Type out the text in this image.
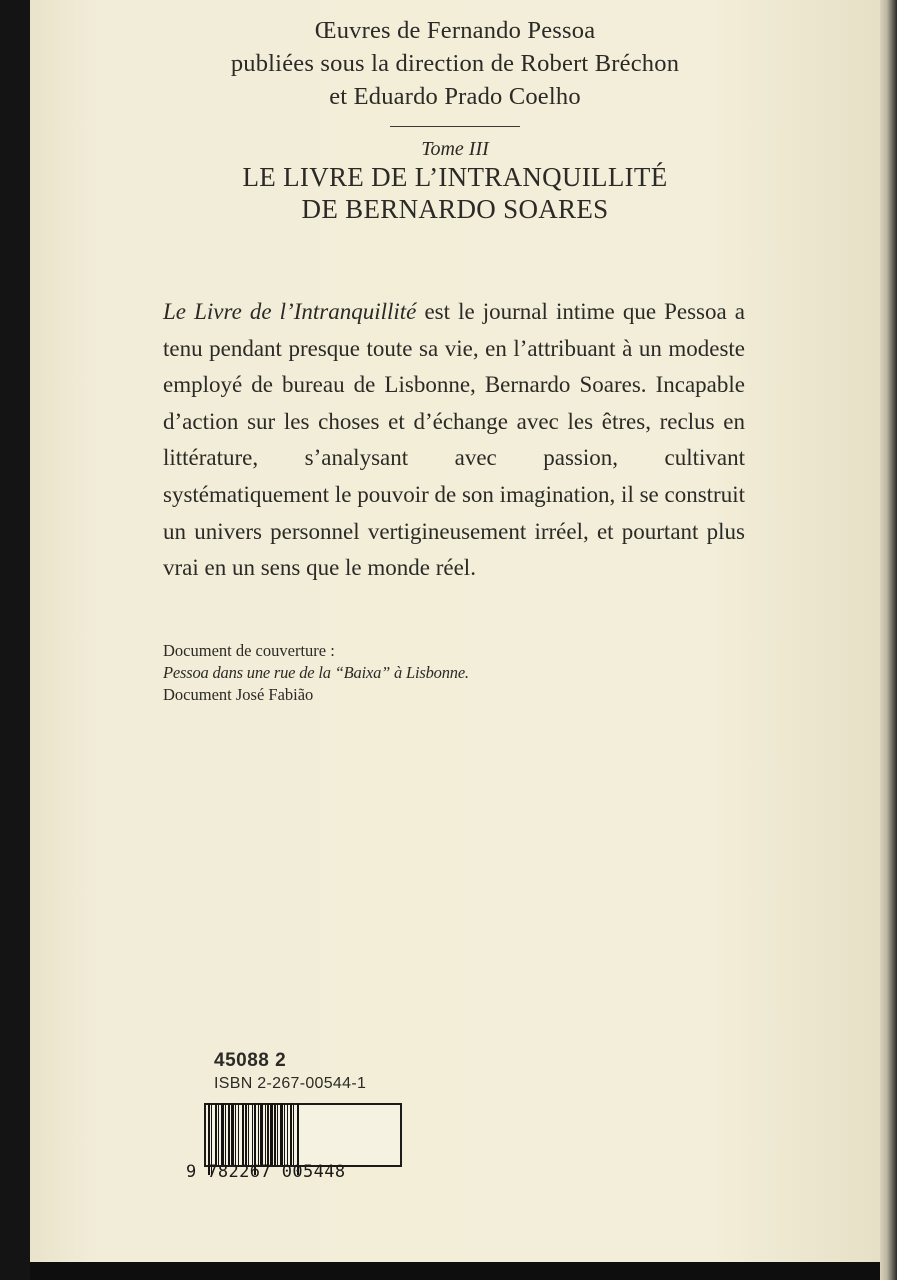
Œuvres de Fernando Pessoa

publiées sous la direction de Robert Bréchon

et Eduardo Prado Coelho

Tome III

LE LIVRE DE L’INTRANQUILLITÉ

DE BERNARDO SOARES

Le Livre de l’Intranquillité est le journal intime que Pessoa a tenu pendant presque toute sa vie, en l’attribuant à un modeste employé de bureau de Lisbonne, Bernardo Soares. Incapable d’action sur les choses et d’échange avec les êtres, reclus en littérature, s’analysant avec passion, cultivant systématiquement le pouvoir de son imagination, il se construit un univers personnel vertigineusement irréel, et pourtant plus vrai en un sens que le monde réel.

Document de couverture :

Pessoa dans une rue de la “Baixa” à Lisbonne.

Document José Fabião

45088 2

ISBN 2-267-00544-1

9 782267 005448
